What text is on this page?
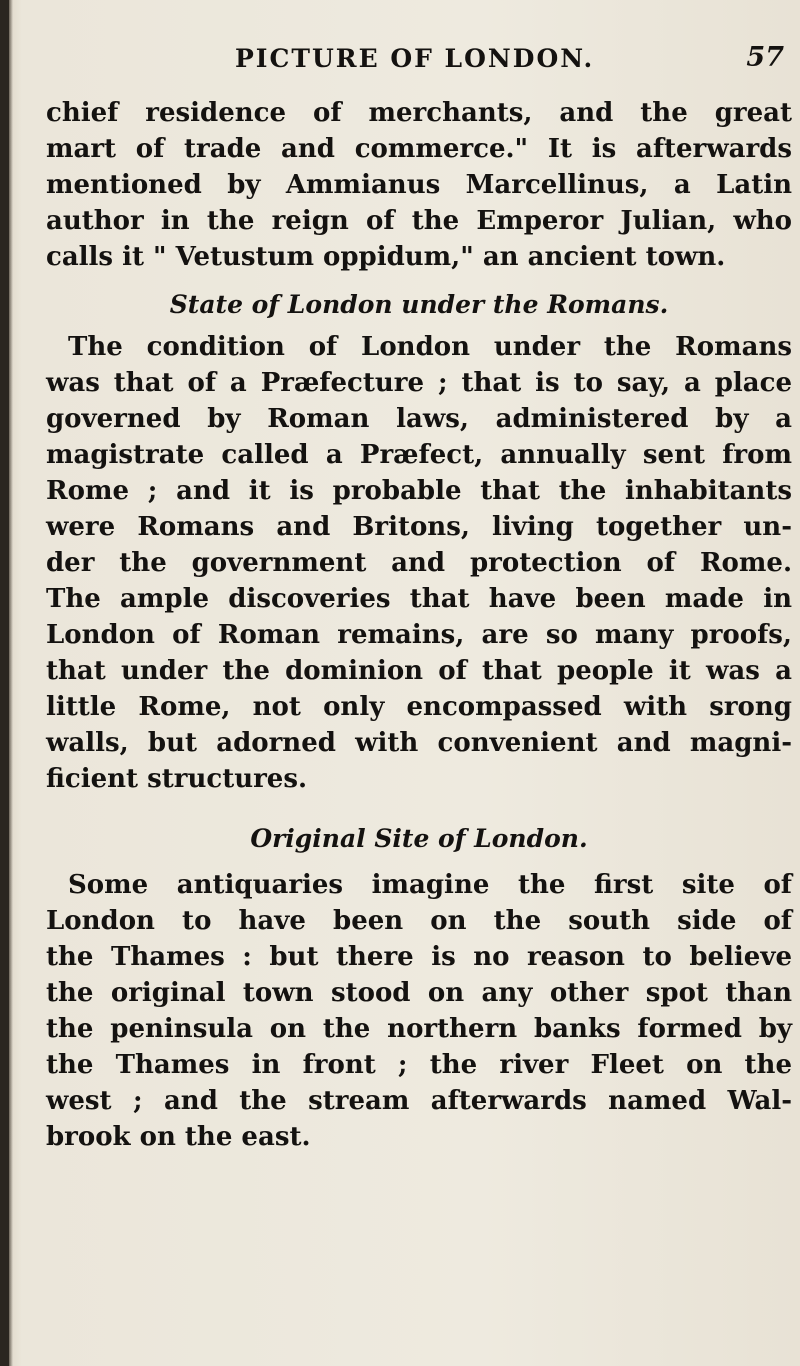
PICTURE OF LONDON.	57
chief residence of merchants, and the great
mart of trade and commerce." It is afterwards
mentioned by Ammianus Marcellinus, a Latin
author in the reign of the Emperor Julian, who
calls it " Vetustum oppidum," an ancient town.
State of London under the Romans.
The condition of London under the Romans
was that of a Præfecture ; that is to say, a place
governed by Roman laws, administered by a
magistrate called a Præfect, annually sent from
Rome ; and it is probable that the inhabitants
were Romans and Britons, living together un-
der the government and protection of Rome.
The ample discoveries that have been made in
London of Roman remains, are so many proofs,
that under the dominion of that people it was a
little Rome, not only encompassed with srong
walls, but adorned with convenient and magni-
ficient structures.
Original Site of London.
Some antiquaries imagine the first site of
London to have been on the south side of
the Thames : but there is no reason to believe
the original town stood on any other spot than
the peninsula on the northern banks formed by
the Thames in front ; the river Fleet on the
west ; and the stream afterwards named Wal-
brook on the east.
